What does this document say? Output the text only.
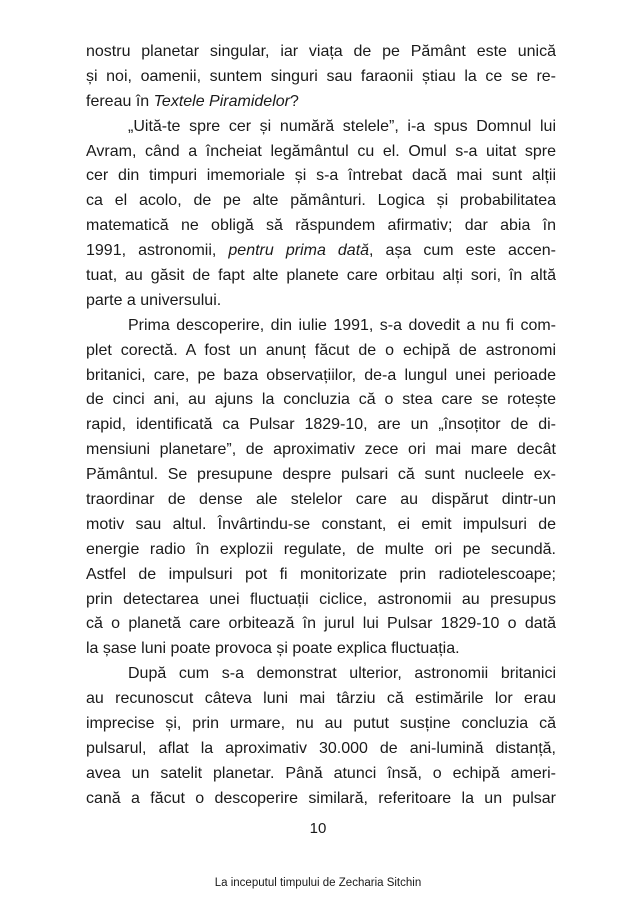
nostru planetar singular, iar viața de pe Pământ este unică
și noi, oamenii, suntem singuri sau faraonii știau la ce se re-
fereau în Textele Piramidelor?
„Uită-te spre cer și numără stelele”, i-a spus Domnul lui
Avram, când a încheiat legământul cu el. Omul s-a uitat spre
cer din timpuri imemoriale și s-a întrebat dacă mai sunt alții
ca el acolo, de pe alte pământuri. Logica și probabilitatea
matematică ne obligă să răspundem afirmativ; dar abia în
1991, astronomii, pentru prima dată, așa cum este accen-
tuat, au găsit de fapt alte planete care orbitau alți sori, în altă
parte a universului.
Prima descoperire, din iulie 1991, s-a dovedit a nu fi com-
plet corectă. A fost un anunț făcut de o echipă de astronomi
britanici, care, pe baza observațiilor, de-a lungul unei perioade
de cinci ani, au ajuns la concluzia că o stea care se rotește
rapid, identificată ca Pulsar 1829-10, are un „însoțitor de di-
mensiuni planetare”, de aproximativ zece ori mai mare decât
Pământul. Se presupune despre pulsari că sunt nucleele ex-
traordinar de dense ale stelelor care au dispărut dintr-un
motiv sau altul. Învârtindu-se constant, ei emit impulsuri de
energie radio în explozii regulate, de multe ori pe secundă.
Astfel de impulsuri pot fi monitorizate prin radiotelescoape;
prin detectarea unei fluctuații ciclice, astronomii au presupus
că o planetă care orbitează în jurul lui Pulsar 1829-10 o dată
la șase luni poate provoca și poate explica fluctuația.
După cum s-a demonstrat ulterior, astronomii britanici
au recunoscut câteva luni mai târziu că estimările lor erau
imprecise și, prin urmare, nu au putut susține concluzia că
pulsarul, aflat la aproximativ 30.000 de ani-lumină distanță,
avea un satelit planetar. Până atunci însă, o echipă ameri-
cană a făcut o descoperire similară, referitoare la un pulsar
10
La inceputul timpului de Zecharia Sitchin
